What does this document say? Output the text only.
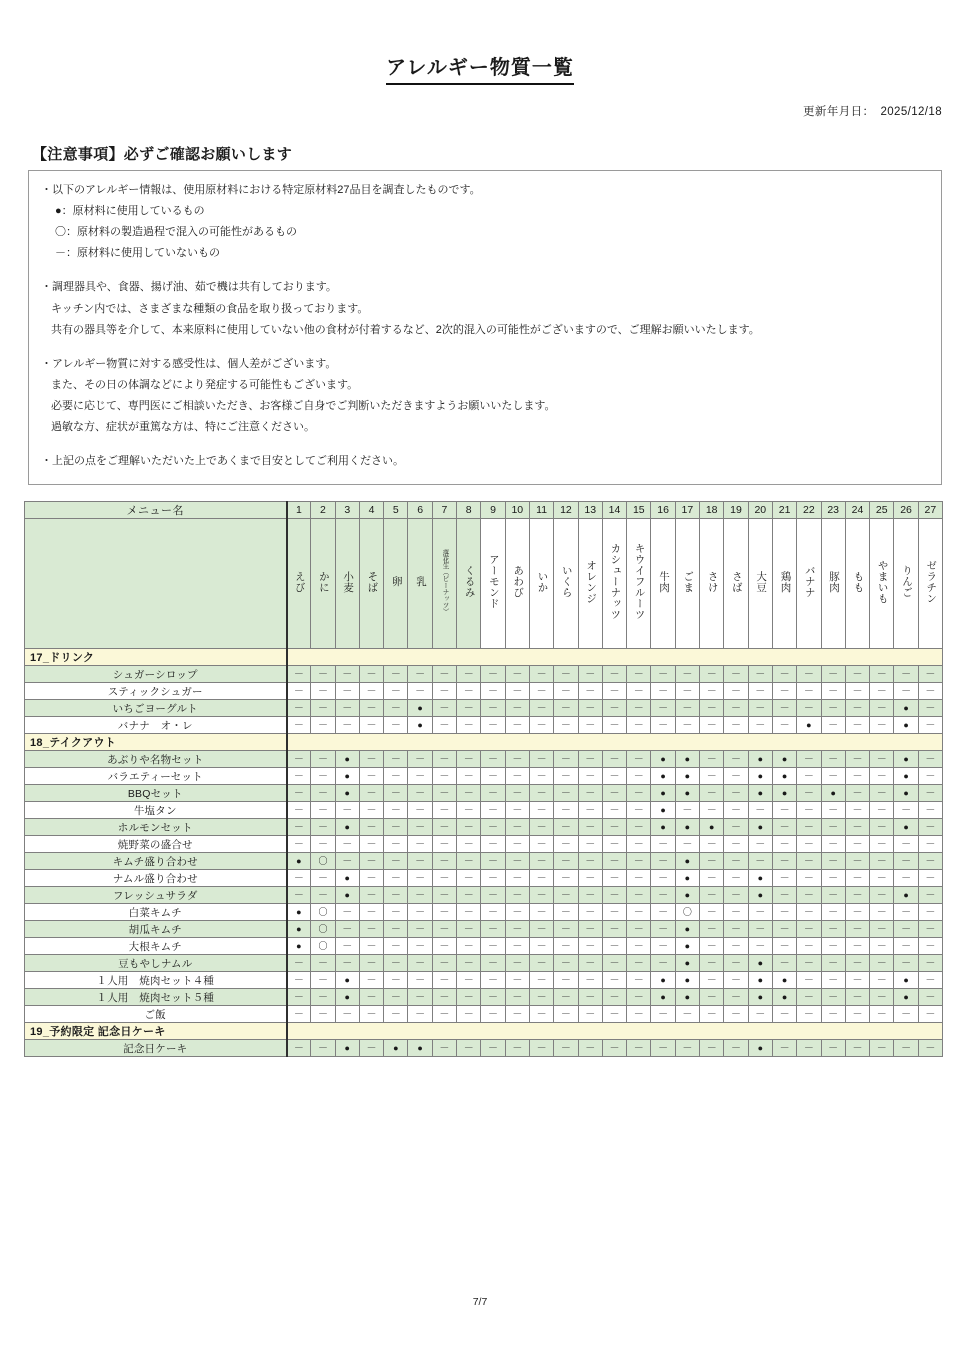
アレルギー物質一覧
更新年月日： 2025/12/18
【注意事項】必ずご確認お願いします

・以下のアレルギー情報は、使用原材料における特定原材料27品目を調査したものです。

●：原材料に使用しているもの

〇：原材料の製造過程で混入の可能性があるもの

－：原材料に使用していないもの

・調理器具や、食器、揚げ油、茹で機は共有しております。

キッチン内では、さまざまな種類の食品を取り扱っております。

共有の器具等を介して、本来原料に使用していない他の食材が付着するなど、2次的混入の可能性がございますので、ご理解お願いいたします。

・アレルギー物質に対する感受性は、個人差がございます。

また、その日の体調などにより発症する可能性もございます。

必要に応じて、専門医にご相談いただき、お客様ご自身でご判断いただきますようお願いいたします。

過敏な方、症状が重篤な方は、特にご注意ください。

・上記の点をご理解いただいた上であくまで目安としてご利用ください。

メニュー名	1	2	3	4	5	6	7	8	9	10	11	12	13	14	15	16	17	18	19	20	21	22	23	24	25	26	27
	えび	かに	小麦	そば	卵	乳	落花生（ピーナッツ）	くるみ	アーモンド	あわび	いか	いくら	オレンジ	カシューナッツ	キウイフルーツ	牛肉	ごま	さけ	さば	大豆	鶏肉	バナナ	豚肉	もも	やまいも	りんご	ゼラチン
17_ドリンク																											
シュガーシロップ	－	－	－	－	－	－	－	－	－	－	－	－	－	－	－	－	－	－	－	－	－	－	－	－	－	－	－
スティックシュガー	－	－	－	－	－	－	－	－	－	－	－	－	－	－	－	－	－	－	－	－	－	－	－	－	－	－	－
いちごヨーグルト	－	－	－	－	－	●	－	－	－	－	－	－	－	－	－	－	－	－	－	－	－	－	－	－	－	●	－
バナナ　オ・レ	－	－	－	－	－	●	－	－	－	－	－	－	－	－	－	－	－	－	－	－	－	●	－	－	－	●	－
18_テイクアウト																											
あぶりや名物セット	－	－	●	－	－	－	－	－	－	－	－	－	－	－	－	●	●	－	－	●	●	－	－	－	－	●	－
バラエティーセット	－	－	●	－	－	－	－	－	－	－	－	－	－	－	－	●	●	－	－	●	●	－	－	－	－	●	－
BBQセット	－	－	●	－	－	－	－	－	－	－	－	－	－	－	－	●	●	－	－	●	●	－	●	－	－	●	－
牛塩タン	－	－	－	－	－	－	－	－	－	－	－	－	－	－	－	●	－	－	－	－	－	－	－	－	－	－	－
ホルモンセット	－	－	●	－	－	－	－	－	－	－	－	－	－	－	－	●	●	●	－	●	－	－	－	－	－	●	－
焼野菜の盛合せ	－	－	－	－	－	－	－	－	－	－	－	－	－	－	－	－	－	－	－	－	－	－	－	－	－	－	－
キムチ盛り合わせ	●	〇	－	－	－	－	－	－	－	－	－	－	－	－	－	－	●	－	－	－	－	－	－	－	－	－	－
ナムル盛り合わせ	－	－	●	－	－	－	－	－	－	－	－	－	－	－	－	－	●	－	－	●	－	－	－	－	－	－	－
フレッシュサラダ	－	－	●	－	－	－	－	－	－	－	－	－	－	－	－	－	●	－	－	●	－	－	－	－	－	●	－
白菜キムチ	●	〇	－	－	－	－	－	－	－	－	－	－	－	－	－	－	〇	－	－	－	－	－	－	－	－	－	－
胡瓜キムチ	●	〇	－	－	－	－	－	－	－	－	－	－	－	－	－	－	●	－	－	－	－	－	－	－	－	－	－
大根キムチ	●	〇	－	－	－	－	－	－	－	－	－	－	－	－	－	－	●	－	－	－	－	－	－	－	－	－	－
豆もやしナムル	－	－	－	－	－	－	－	－	－	－	－	－	－	－	－	－	●	－	－	●	－	－	－	－	－	－	－
１人用　焼肉セット４種	－	－	●	－	－	－	－	－	－	－	－	－	－	－	－	●	●	－	－	●	●	－	－	－	－	●	－
１人用　焼肉セット５種	－	－	●	－	－	－	－	－	－	－	－	－	－	－	－	●	●	－	－	●	●	－	－	－	－	●	－
ご飯	－	－	－	－	－	－	－	－	－	－	－	－	－	－	－	－	－	－	－	－	－	－	－	－	－	－	－
19_予約限定 記念日ケーキ																											
記念日ケーキ	－	－	●	－	●	●	－	－	－	－	－	－	－	－	－	－	－	－	－	●	－	－	－	－	－	－	－
7/7
